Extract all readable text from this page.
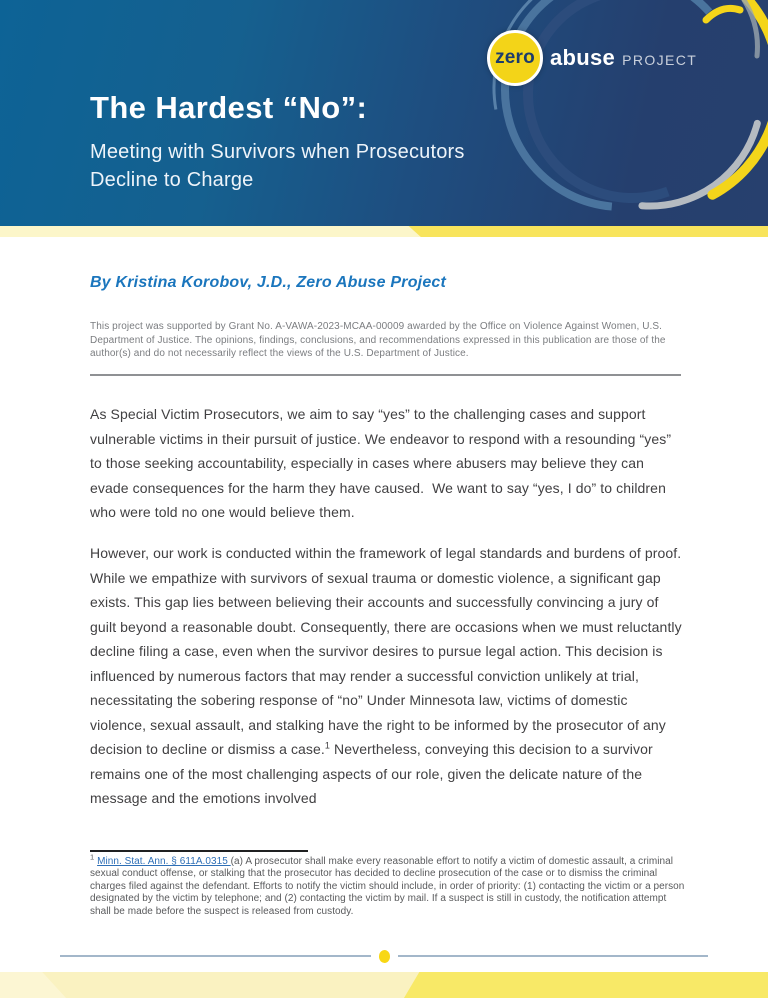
zero abuse PROJECT
The Hardest “No”:

Meeting with Survivors when Prosecutors
Decline to Charge

By Kristina Korobov, J.D., Zero Abuse Project

This project was supported by Grant No. A-VAWA-2023-MCAA-00009 awarded by the Office on Violence Against Women, U.S. Department of Justice. The opinions, findings, conclusions, and recommendations expressed in this publication are those of the author(s) and do not necessarily reflect the views of the U.S. Department of Justice.

As Special Victim Prosecutors, we aim to say “yes” to the challenging cases and support vulnerable victims in their pursuit of justice. We endeavor to respond with a resounding “yes” to those seeking accountability, especially in cases where abusers may believe they can evade consequences for the harm they have caused.  We want to say “yes, I do” to children who were told no one would believe them.

However, our work is conducted within the framework of legal standards and burdens of proof. While we empathize with survivors of sexual trauma or domestic violence, a significant gap exists. This gap lies between believing their accounts and successfully convincing a jury of guilt beyond a reasonable doubt. Consequently, there are occasions when we must reluctantly decline filing a case, even when the survivor desires to pursue legal action. This decision is influenced by numerous factors that may render a successful conviction unlikely at trial, necessitating the sobering response of “no” Under Minnesota law, victims of domestic violence, sexual assault, and stalking have the right to be informed by the prosecutor of any decision to decline or dismiss a case.$^1$ Nevertheless, conveying this decision to a survivor remains one of the most challenging aspects of our role, given the delicate nature of the message and the emotions involved

$^1$ Minn. Stat. Ann. § 611A.0315 (a) A prosecutor shall make every reasonable effort to notify a victim of domestic assault, a criminal sexual conduct offense, or stalking that the prosecutor has decided to decline prosecution of the case or to dismiss the criminal charges filed against the defendant. Efforts to notify the victim should include, in order of priority: (1) contacting the victim or a person designated by the victim by telephone; and (2) contacting the victim by mail. If a suspect is still in custody, the notification attempt shall be made before the suspect is released from custody.
